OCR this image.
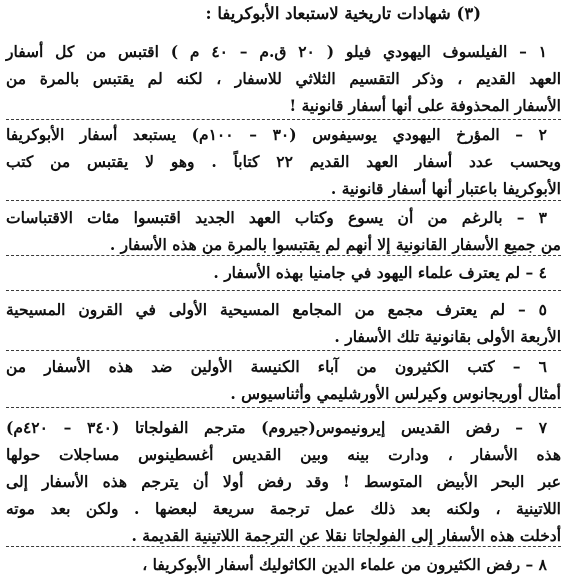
(٣) شهادات تاريخية لاستبعاد الأبوكريفا :
١ – الفيلسوف اليهودي فيلو ( ٢٠ ق.م – ٤٠ م ) اقتبس من كل أسفار
العهد القديم ، وذكر التقسيم الثلاثي للاسفار ، لكنه لم يقتبس بالمرة من
الأسفار المحذوفة على أنها أسفار قانونية !
٢ – المؤرخ اليهودي يوسيفوس (٣٠ – ١٠٠م) يستبعد أسفار الأبوكريفا
ويحسب عدد أسفار العهد القديم ٢٢ كتاباً . وهو لا يقتبس من كتب
الأبوكريفا باعتبار أنها أسفار قانونية .
٣ – بالرغم من أن يسوع وكتاب العهد الجديد اقتبسوا مئات الاقتباسات
من جميع الأسفار القانونية إلا أنهم لم يقتبسوا بالمرة من هذه الأسفار .
٤ – لم يعترف علماء اليهود في جامنيا بهذه الأسفار .
٥ – لم يعترف مجمع من المجامع المسيحية الأولى في القرون المسيحية
الأربعة الأولى بقانونية تلك الأسفار .
٦ – كتب الكثيرون من آباء الكنيسة الأولين ضد هذه الأسفار من
أمثال أوريجانوس وكيرلس الأورشليمي وأثناسيوس .
٧ – رفض القديس إيرونيموس(جيروم) مترجم الفولجاتا (٣٤٠ – ٤٢٠م)
هذه الأسفار ، ودارت بينه وبين القديس أغسطينوس مساجلات حولها
عبر البحر الأبيض المتوسط ! وقد رفض أولا أن يترجم هذه الأسفار إلى
اللاتينية ، ولكنه بعد ذلك عمل ترجمة سريعة لبعضها . ولكن بعد موته
أدخلت هذه الأسفار إلى الفولجاتا نقلا عن الترجمة اللاتينية القديمة .
٨ – رفض الكثيرون من علماء الدين الكاثوليك أسفار الأبوكريفا ،
